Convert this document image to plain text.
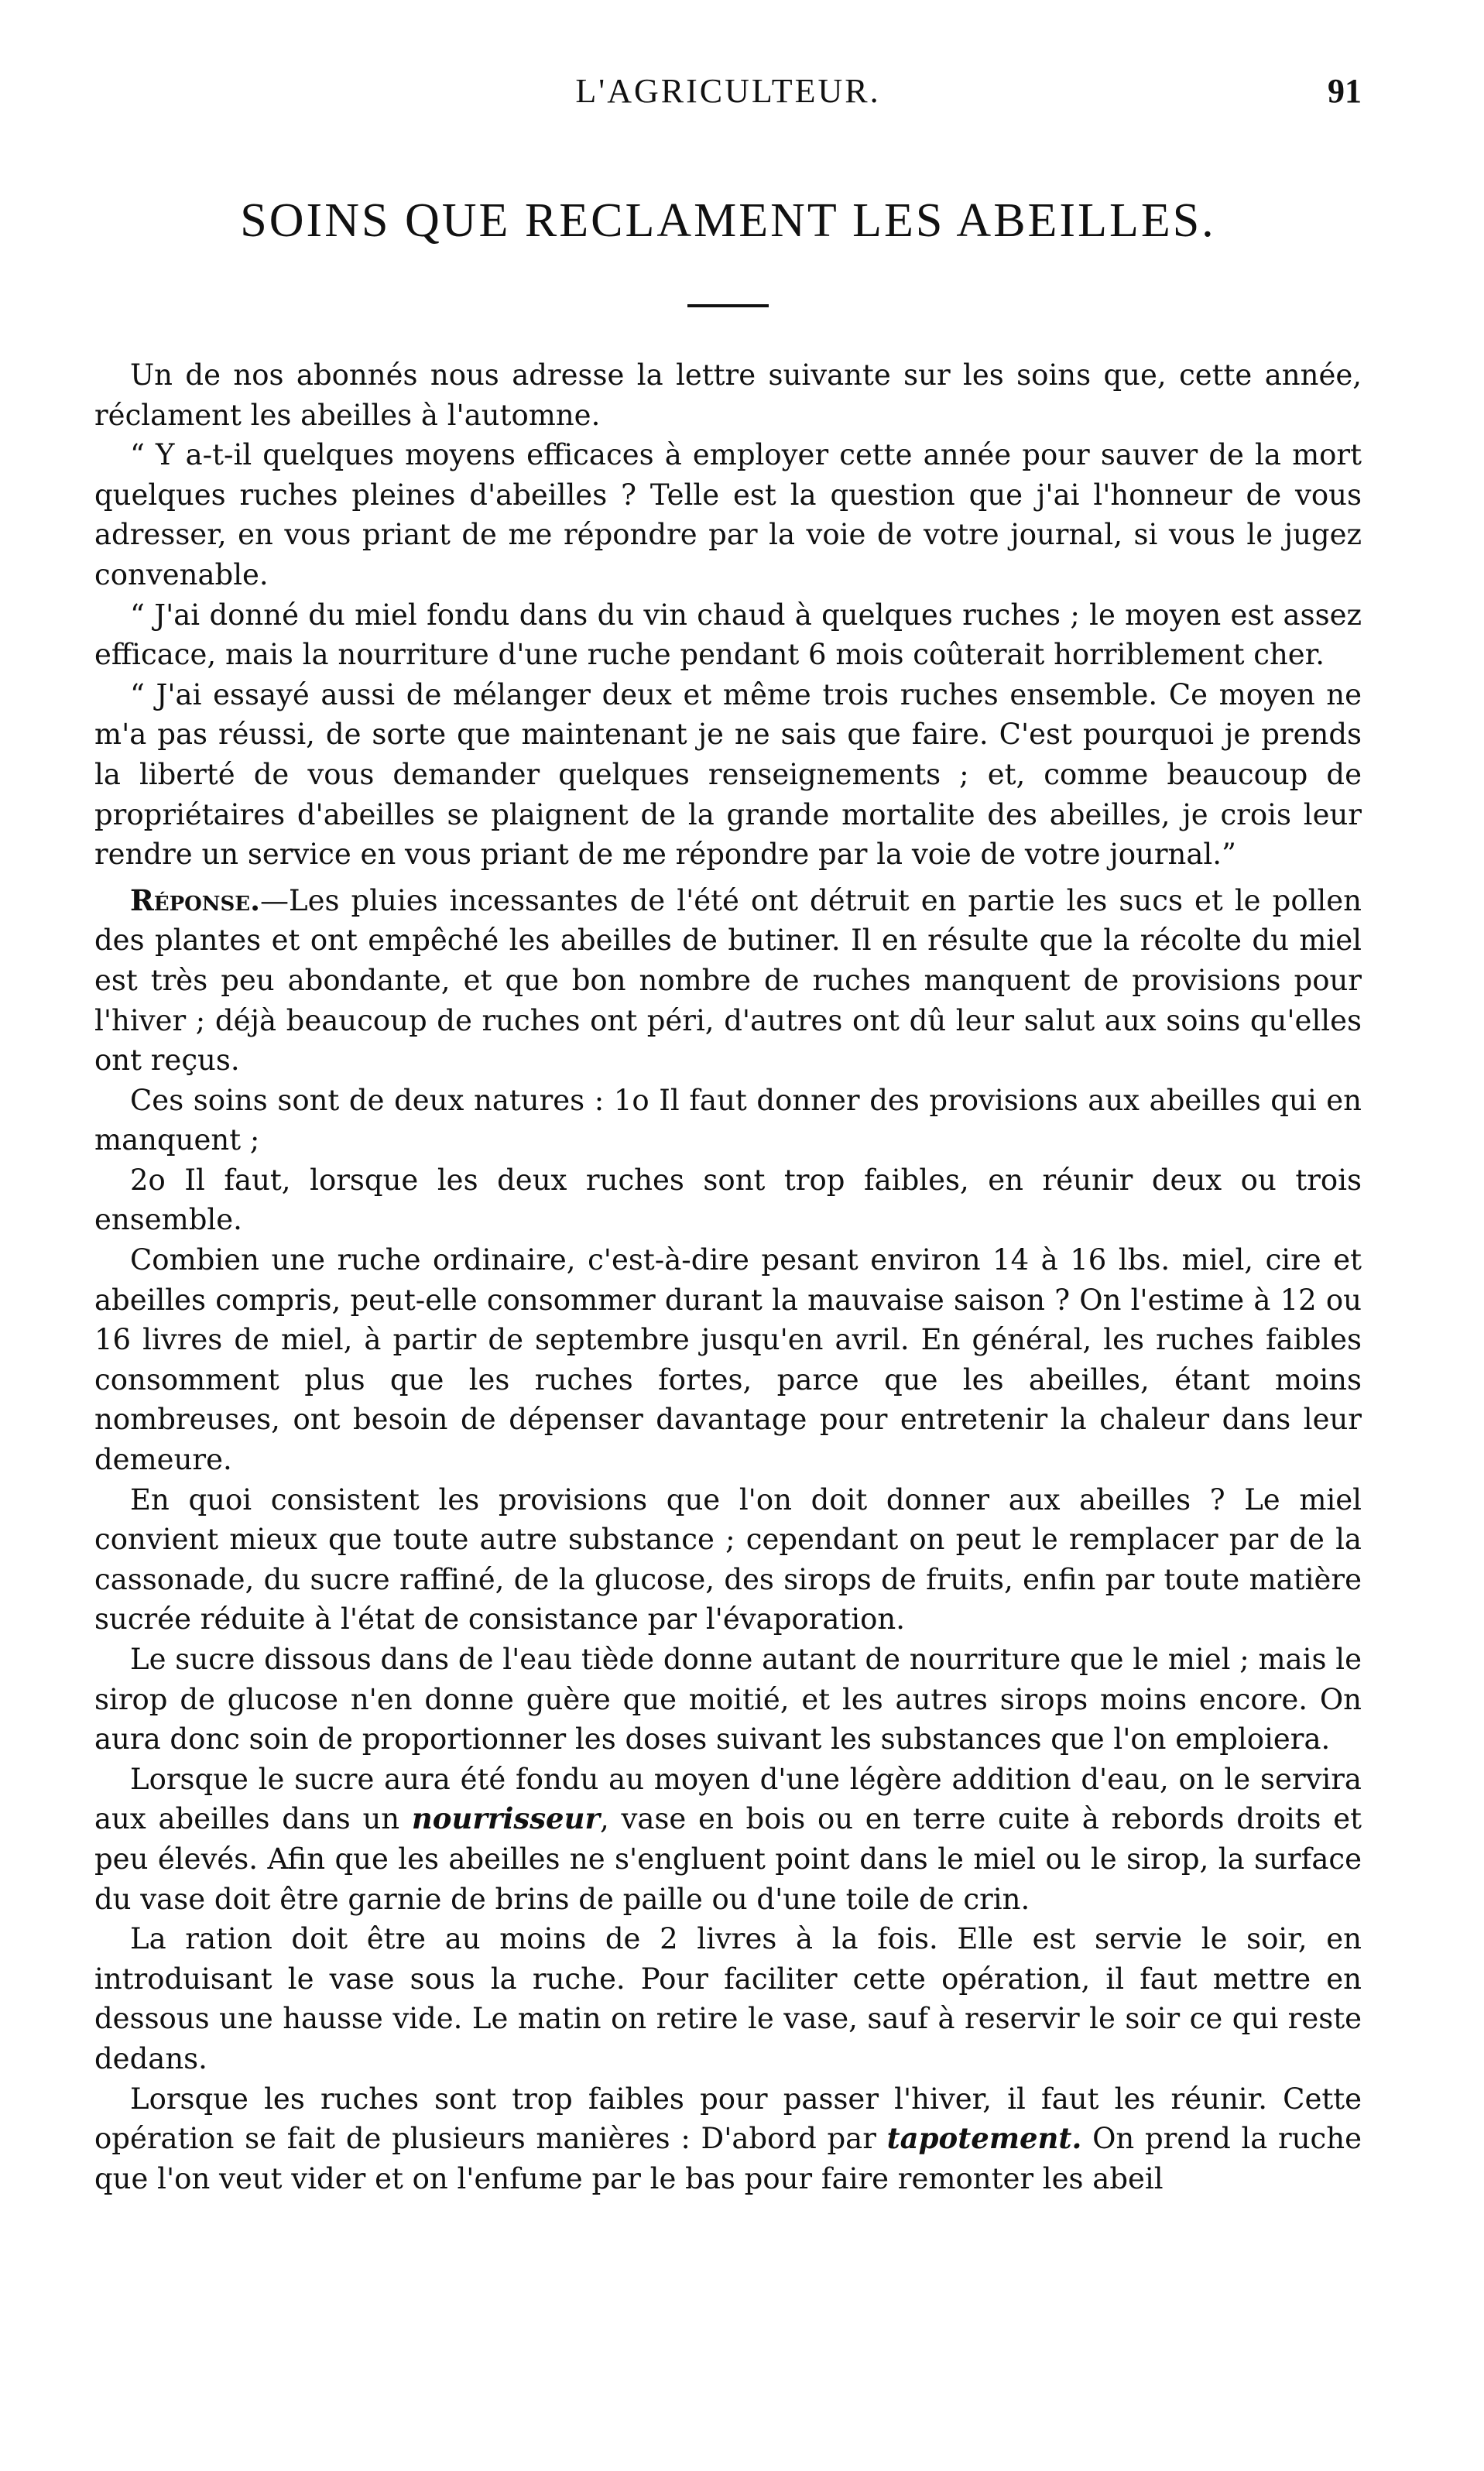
L'AGRICULTEUR.	91
SOINS QUE RECLAMENT LES ABEILLES.

Un de nos abonnés nous adresse la lettre suivante sur les soins que, cette année, réclament les abeilles à l'automne.

“ Y a-t-il quelques moyens efficaces à employer cette année pour sauver de la mort quelques ruches pleines d'abeilles ? Telle est la question que j'ai l'honneur de vous adresser, en vous priant de me répondre par la voie de votre journal, si vous le jugez convenable.

“ J'ai donné du miel fondu dans du vin chaud à quelques ruches ; le moyen est assez efficace, mais la nourriture d'une ruche pendant 6 mois coûterait horriblement cher.

“ J'ai essayé aussi de mélanger deux et même trois ruches ensemble. Ce moyen ne m'a pas réussi, de sorte que maintenant je ne sais que faire. C'est pourquoi je prends la liberté de vous demander quelques renseignements ; et, comme beaucoup de propriétaires d'abeilles se plaignent de la grande mortalite des abeilles, je crois leur rendre un service en vous priant de me répondre par la voie de votre journal.”

Réponse.—Les pluies incessantes de l'été ont détruit en partie les sucs et le pollen des plantes et ont empêché les abeilles de butiner. Il en résulte que la récolte du miel est très peu abondante, et que bon nombre de ruches manquent de provisions pour l'hiver ; déjà beaucoup de ruches ont péri, d'autres ont dû leur salut aux soins qu'elles ont reçus.

Ces soins sont de deux natures : 1o Il faut donner des provisions aux abeilles qui en manquent ;

2o Il faut, lorsque les deux ruches sont trop faibles, en réunir deux ou trois ensemble.

Combien une ruche ordinaire, c'est-à-dire pesant environ 14 à 16 lbs. miel, cire et abeilles compris, peut-elle consommer durant la mauvaise saison ? On l'estime à 12 ou 16 livres de miel, à partir de septembre jusqu'en avril. En général, les ruches faibles consomment plus que les ruches fortes, parce que les abeilles, étant moins nombreuses, ont besoin de dépenser davantage pour entretenir la chaleur dans leur demeure.

En quoi consistent les provisions que l'on doit donner aux abeilles ? Le miel convient mieux que toute autre substance ; cependant on peut le remplacer par de la cassonade, du sucre raffiné, de la glucose, des sirops de fruits, enfin par toute matière sucrée réduite à l'état de consistance par l'évaporation.

Le sucre dissous dans de l'eau tiède donne autant de nourriture que le miel ; mais le sirop de glucose n'en donne guère que moitié, et les autres sirops moins encore. On aura donc soin de proportionner les doses suivant les substances que l'on emploiera.

Lorsque le sucre aura été fondu au moyen d'une légère addition d'eau, on le servira aux abeilles dans un nourrisseur, vase en bois ou en terre cuite à rebords droits et peu élevés. Afin que les abeilles ne s'engluent point dans le miel ou le sirop, la surface du vase doit être garnie de brins de paille ou d'une toile de crin.

La ration doit être au moins de 2 livres à la fois. Elle est servie le soir, en introduisant le vase sous la ruche. Pour faciliter cette opération, il faut mettre en dessous une hausse vide. Le matin on retire le vase, sauf à reservir le soir ce qui reste dedans.

Lorsque les ruches sont trop faibles pour passer l'hiver, il faut les réunir. Cette opération se fait de plusieurs manières : D'abord par tapotement. On prend la ruche que l'on veut vider et on l'enfume par le bas pour faire remonter les abeil
